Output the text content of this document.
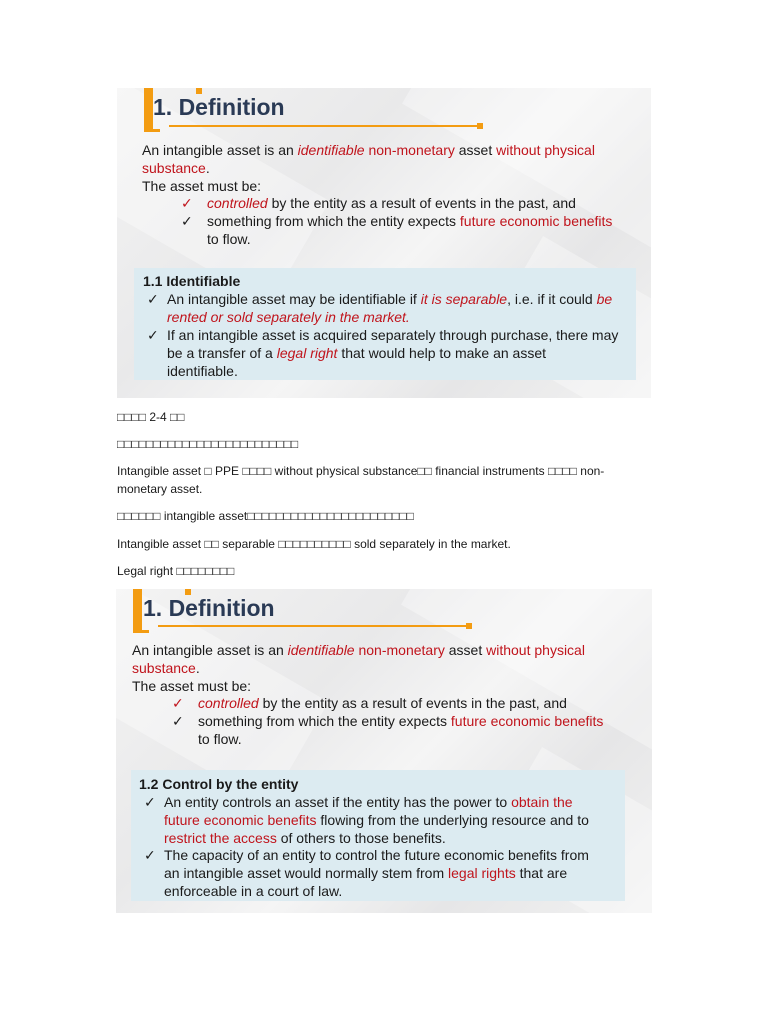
1. Definition
An intangible asset is an identifiable non-monetary asset without physical
substance.
The asset must be:
✓ controlled by the entity as a result of events in the past, and
✓ something from which the entity expects future economic benefits
to flow.
1.1 Identifiable
✓ An intangible asset may be identifiable if it is separable, i.e. if it could be
rented or sold separately in the market.
✓ If an intangible asset is acquired separately through purchase, there may
be a transfer of a legal right that would help to make an asset
identifiable.
□□□□ 2-4 □□
□□□□□□□□□□□□□□□□□□□□□□□□□
Intangible asset □ PPE □□□□ without physical substance□□ financial instruments □□□□ non-
monetary asset.
□□□□□□ intangible asset□□□□□□□□□□□□□□□□□□□□□□□
Intangible asset □□ separable □□□□□□□□□□ sold separately in the market.
Legal right □□□□□□□□
1. Definition
An intangible asset is an identifiable non-monetary asset without physical
substance.
The asset must be:
✓ controlled by the entity as a result of events in the past, and
✓ something from which the entity expects future economic benefits
to flow.
1.2 Control by the entity
✓ An entity controls an asset if the entity has the power to obtain the
future economic benefits flowing from the underlying resource and to
restrict the access of others to those benefits.
✓ The capacity of an entity to control the future economic benefits from
an intangible asset would normally stem from legal rights that are
enforceable in a court of law.
